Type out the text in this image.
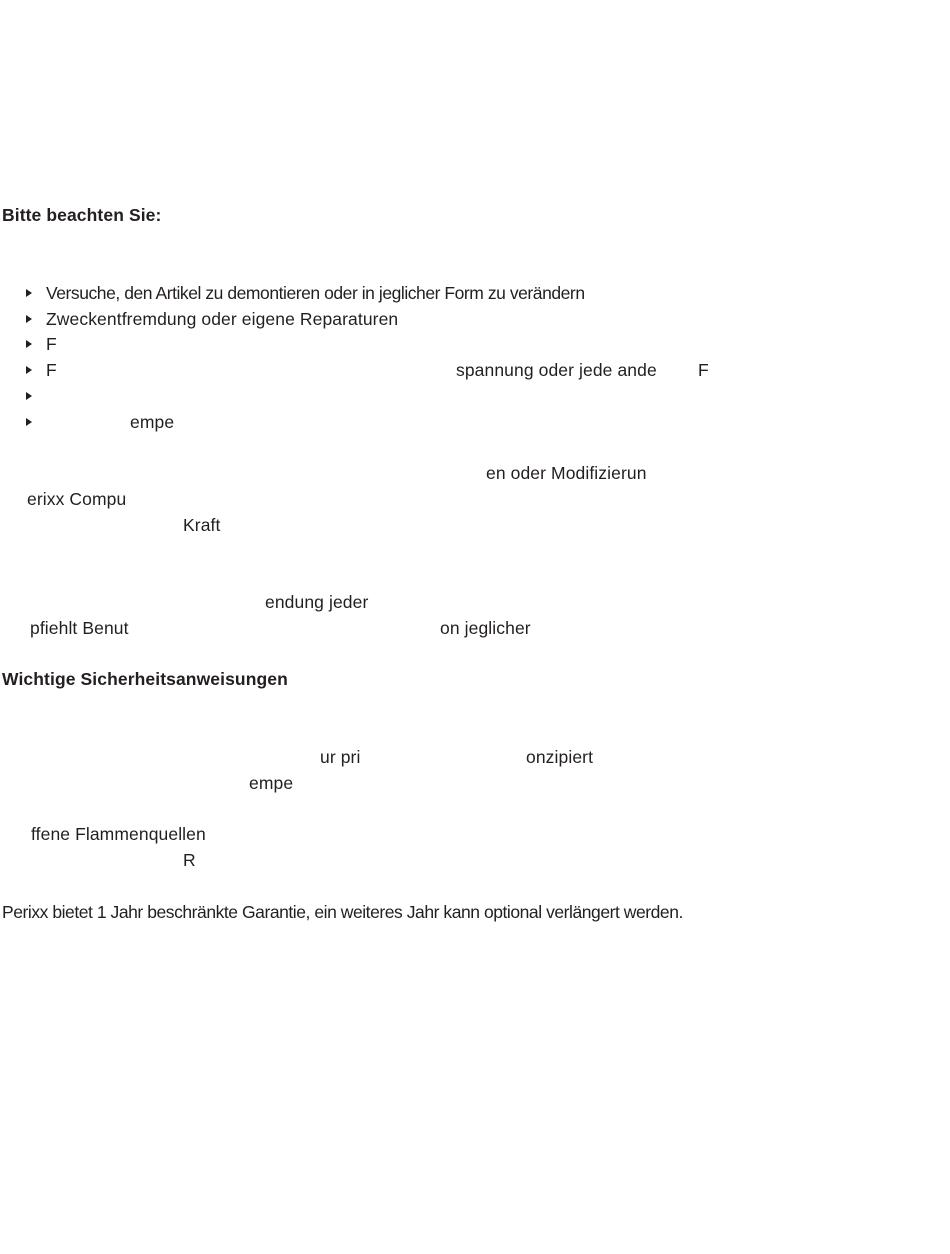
Bitte beachten Sie:
Versuche, den Artikel zu demontieren oder in jeglicher Form zu verändern
Zweckentfremdung oder eigene Reparaturen
F
F	spannung oder jede ande F
empe
en oder Modifizierun
erixx Compu
Kraft
endung jeder
pfiehlt Benut	on jeglicher
Wichtige Sicherheitsanweisungen
ur pri	onzipiert
empe
ffene Flammenquellen
R
Perixx bietet 1 Jahr beschränkte Garantie, ein weiteres Jahr kann optional verlängert werden.
